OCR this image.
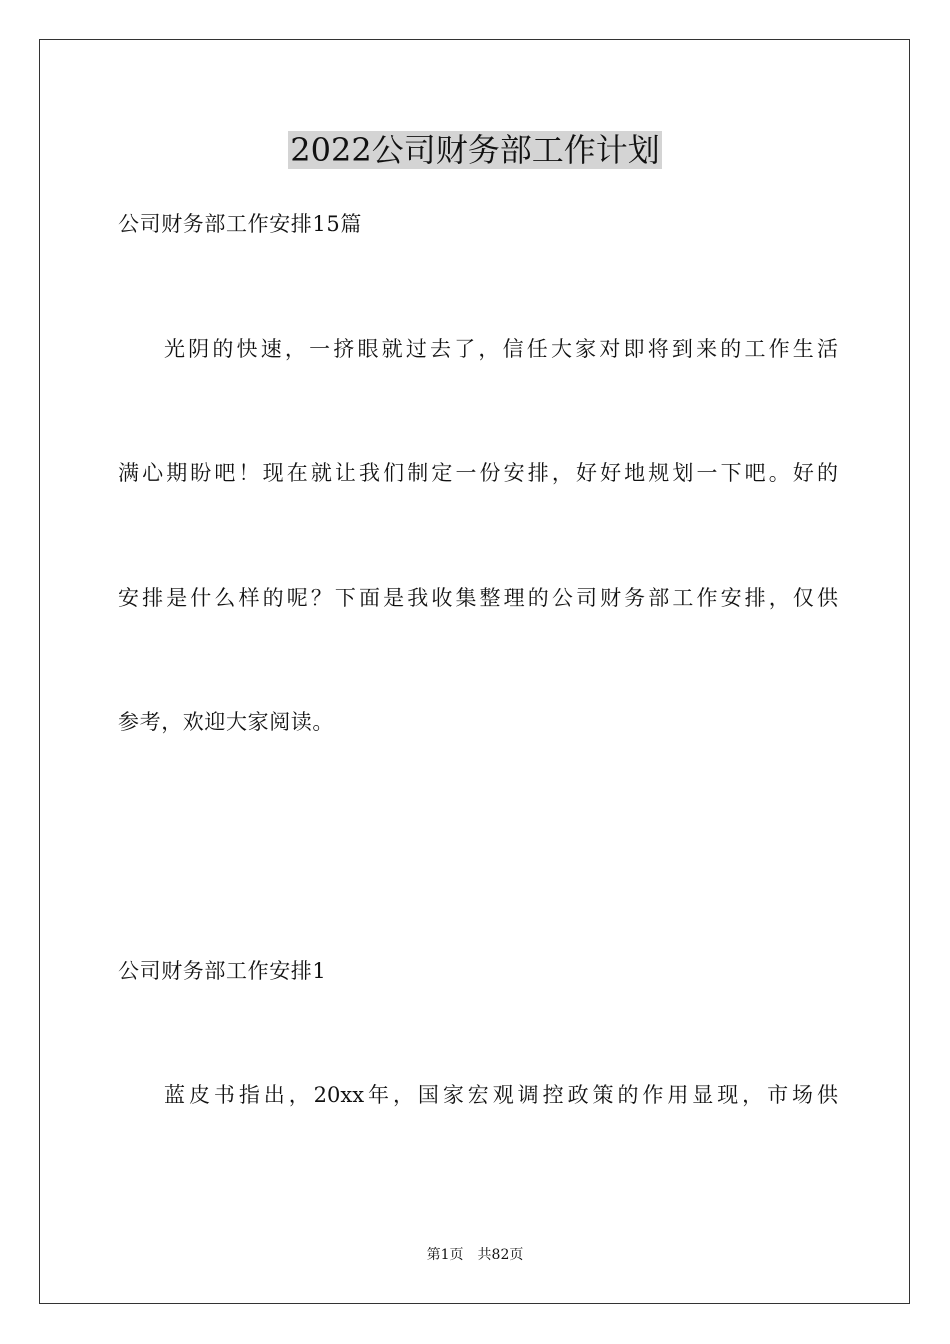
2022公司财务部工作计划
公司财务部工作安排15篇
光阴的快速，一挤眼就过去了，信任大家对即将到来的工作生活
满心期盼吧！现在就让我们制定一份安排，好好地规划一下吧。好的
安排是什么样的呢？下面是我收集整理的公司财务部工作安排，仅供
参考，欢迎大家阅读。
公司财务部工作安排1
蓝皮书指出，20xx年，国家宏观调控政策的作用显现，市场供
第1页 共82页
